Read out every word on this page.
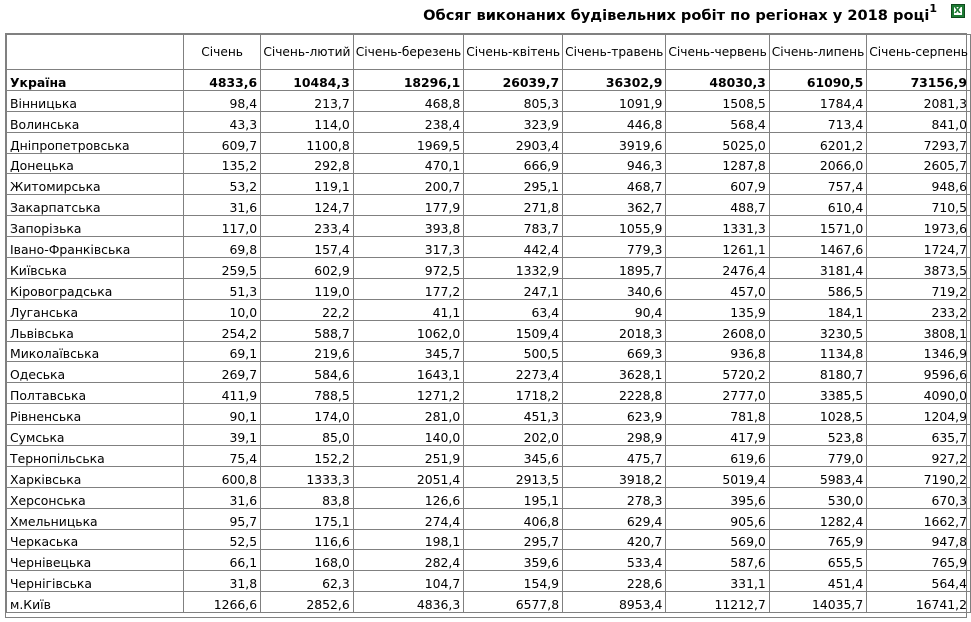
Обсяг виконаних будівельних робіт по регіонах у 2018 році$^1$
x
	Січень	Січень-лютий	Січень-березень	Січень-квітень	Січень-травень	Січень-червень	Січень-липень	Січень-серпень
Україна	4833,6	10484,3	18296,1	26039,7	36302,9	48030,3	61090,5	73156,9
Вінницька	98,4	213,7	468,8	805,3	1091,9	1508,5	1784,4	2081,3
Волинська	43,3	114,0	238,4	323,9	446,8	568,4	713,4	841,0
Дніпропетровська	609,7	1100,8	1969,5	2903,4	3919,6	5025,0	6201,2	7293,7
Донецька	135,2	292,8	470,1	666,9	946,3	1287,8	2066,0	2605,7
Житомирська	53,2	119,1	200,7	295,1	468,7	607,9	757,4	948,6
Закарпатська	31,6	124,7	177,9	271,8	362,7	488,7	610,4	710,5
Запорізька	117,0	233,4	393,8	783,7	1055,9	1331,3	1571,0	1973,6
Івано-Франківська	69,8	157,4	317,3	442,4	779,3	1261,1	1467,6	1724,7
Київська	259,5	602,9	972,5	1332,9	1895,7	2476,4	3181,4	3873,5
Кіровоградська	51,3	119,0	177,2	247,1	340,6	457,0	586,5	719,2
Луганська	10,0	22,2	41,1	63,4	90,4	135,9	184,1	233,2
Львівська	254,2	588,7	1062,0	1509,4	2018,3	2608,0	3230,5	3808,1
Миколаївська	69,1	219,6	345,7	500,5	669,3	936,8	1134,8	1346,9
Одеська	269,7	584,6	1643,1	2273,4	3628,1	5720,2	8180,7	9596,6
Полтавська	411,9	788,5	1271,2	1718,2	2228,8	2777,0	3385,5	4090,0
Рівненська	90,1	174,0	281,0	451,3	623,9	781,8	1028,5	1204,9
Сумська	39,1	85,0	140,0	202,0	298,9	417,9	523,8	635,7
Тернопільська	75,4	152,2	251,9	345,6	475,7	619,6	779,0	927,2
Харківська	600,8	1333,3	2051,4	2913,5	3918,2	5019,4	5983,4	7190,2
Херсонська	31,6	83,8	126,6	195,1	278,3	395,6	530,0	670,3
Хмельницька	95,7	175,1	274,4	406,8	629,4	905,6	1282,4	1662,7
Черкаська	52,5	116,6	198,1	295,7	420,7	569,0	765,9	947,8
Чернівецька	66,1	168,0	282,4	359,6	533,4	587,6	655,5	765,9
Чернігівська	31,8	62,3	104,7	154,9	228,6	331,1	451,4	564,4
м.Київ	1266,6	2852,6	4836,3	6577,8	8953,4	11212,7	14035,7	16741,2
